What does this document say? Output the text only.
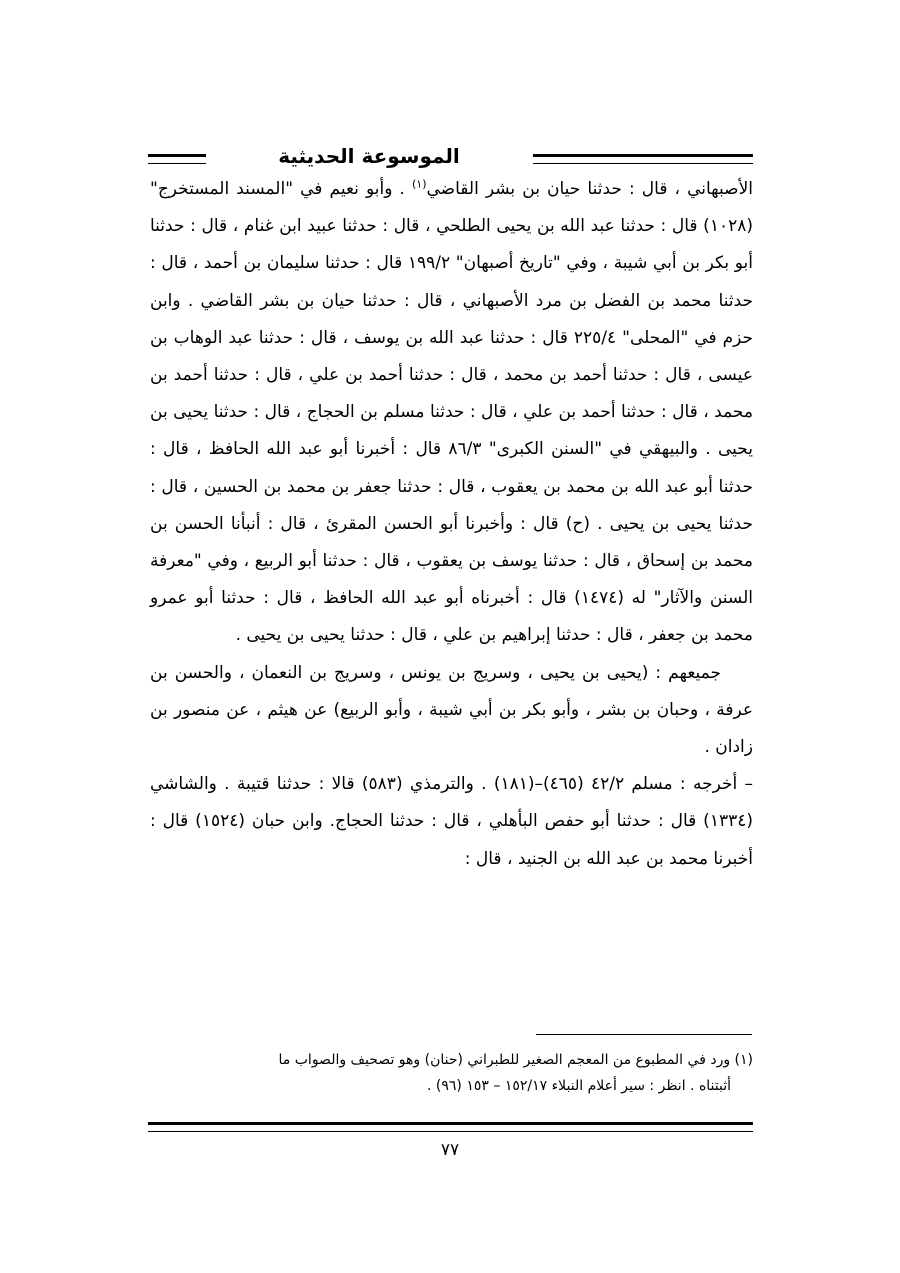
الموسوعة الحديثية

الأصبهاني ، قال : حدثنا حيان بن بشر القاضي$^{(١)}$ . وأبو نعيم في "المسند المستخرج" (١٠٢٨) قال : حدثنا عبد الله بن يحيى الطلحي ، قال : حدثنا عبيد ابن غنام ، قال : حدثنا أبو بكر بن أبي شيبة ، وفي "تاريخ أصبهان" ١٩٩/٢ قال : حدثنا سليمان بن أحمد ، قال : حدثنا محمد بن الفضل بن مرد الأصبهاني ، قال : حدثنا حيان بن بشر القاضي . وابن حزم في "المحلى" ٢٢٥/٤ قال : حدثنا عبد الله بن يوسف ، قال : حدثنا عبد الوهاب بن عيسى ، قال : حدثنا أحمد بن محمد ، قال : حدثنا أحمد بن علي ، قال : حدثنا أحمد بن محمد ، قال : حدثنا أحمد بن علي ، قال : حدثنا مسلم بن الحجاج ، قال : حدثنا يحيى بن يحيى . والبيهقي في "السنن الكبرى" ٨٦/٣ قال : أخبرنا أبو عبد الله الحافظ ، قال : حدثنا أبو عبد الله بن محمد بن يعقوب ، قال : حدثنا جعفر بن محمد بن الحسين ، قال : حدثنا يحيى بن يحيى . (ح) قال : وأخبرنا أبو الحسن المقرئ ، قال : أنبأنا الحسن بن محمد بن إسحاق ، قال : حدثنا يوسف بن يعقوب ، قال : حدثنا أبو الربيع ، وفي "معرفة السنن والآثار" له (١٤٧٤) قال : أخبرناه أبو عبد الله الحافظ ، قال : حدثنا أبو عمرو محمد بن جعفر ، قال : حدثنا إبراهيم بن علي ، قال : حدثنا يحيى بن يحيى .

جميعهم : (يحيى بن يحيى ، وسريج بن يونس ، وسريج بن النعمان ، والحسن بن عرفة ، وحبان بن بشر ، وأبو بكر بن أبي شيبة ، وأبو الربيع) عن هيثم ، عن منصور بن زادان .

– أخرجه : مسلم ٤٢/٢ (٤٦٥)–(١٨١) . والترمذي (٥٨٣) قالا : حدثنا قتيبة . والشاشي (١٣٣٤) قال : حدثنا أبو حفص البأهلي ، قال : حدثنا الحجاج. وابن حبان (١٥٢٤) قال : أخبرنا محمد بن عبد الله بن الجنيد ، قال :

(١) ورد في المطبوع من المعجم الصغير للطبراني (حنان) وهو تصحيف والصواب ما

أثبتناه . انظر : سير أعلام النبلاء ١٥٢/١٧ – ١٥٣ (٩٦) .

٧٧
